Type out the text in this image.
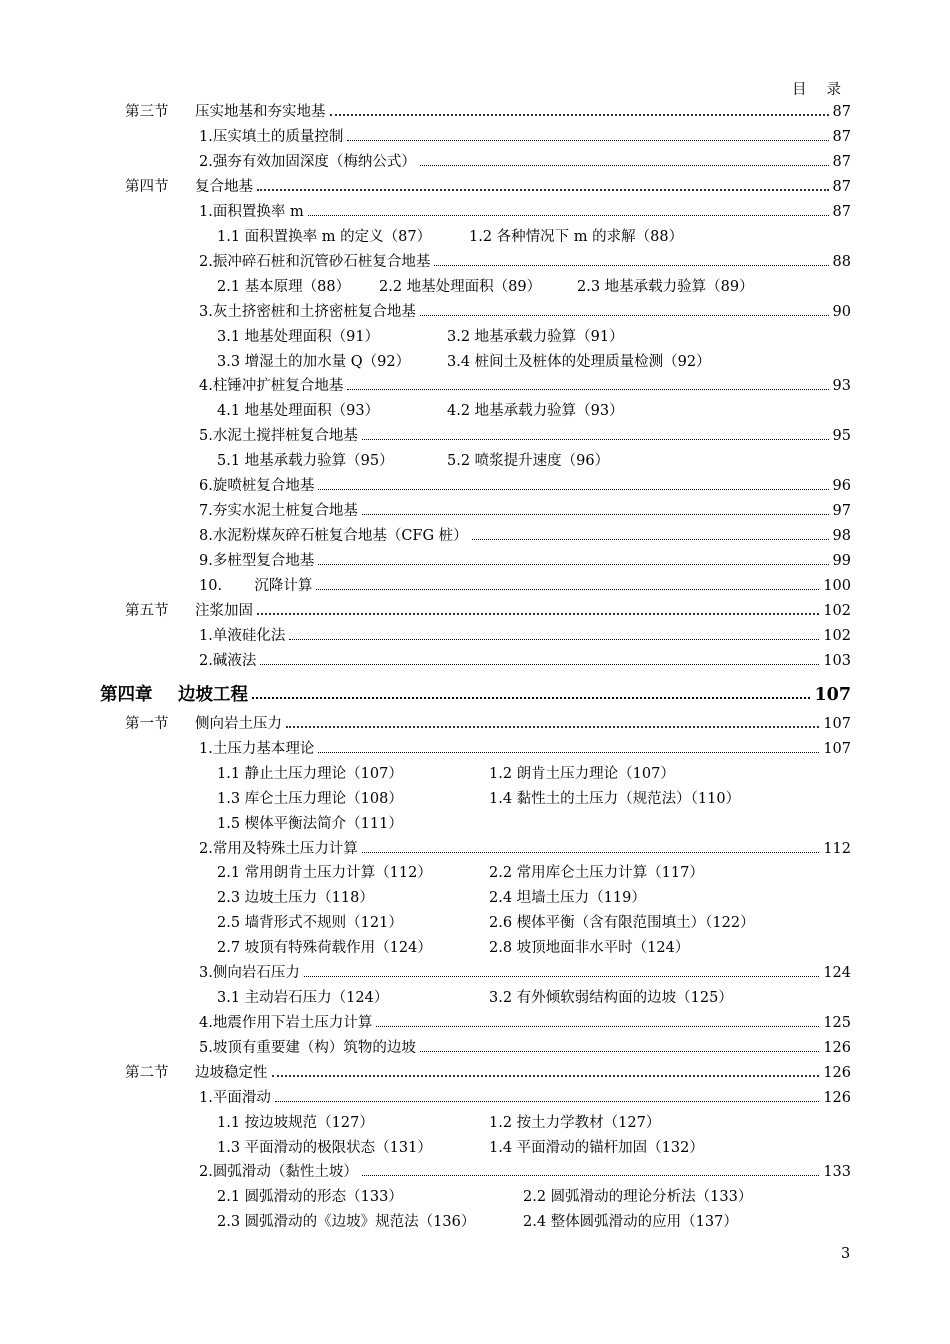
目录
第三节	压实地基和夯实地基	87
1.压实填土的质量控制	87
2.强夯有效加固深度（梅纳公式）	87
第四节	复合地基	87
1.面积置换率 m	87
1.1 面积置换率 m 的定义（87）	1.2 各种情况下 m 的求解（88）
2.振冲碎石桩和沉管砂石桩复合地基	88
2.1 基本原理（88） 2.2 地基处理面积（89） 2.3 地基承载力验算（89）
3.灰土挤密桩和土挤密桩复合地基	90
3.1 地基处理面积（91）	3.2 地基承载力验算（91）
3.3 增湿土的加水量 Q（92）	3.4 桩间土及桩体的处理质量检测（92）
4.柱锤冲扩桩复合地基	93
4.1 地基处理面积（93）	4.2 地基承载力验算（93）
5.水泥土搅拌桩复合地基	95
5.1 地基承载力验算（95）	5.2 喷浆提升速度（96）
6.旋喷桩复合地基	96
7.夯实水泥土桩复合地基	97
8.水泥粉煤灰碎石桩复合地基（CFG 桩）	98
9.多桩型复合地基	99
10.       沉降计算	100
第五节	注浆加固	102
1.单液硅化法	102
2.碱液法	103
第四章	边坡工程	107
第一节	侧向岩土压力	107
1.土压力基本理论	107
1.1 静止土压力理论（107）	1.2 朗肯土压力理论（107）
1.3 库仑土压力理论（108）	1.4 黏性土的土压力（规范法）（110）
1.5 楔体平衡法简介（111）
2.常用及特殊土压力计算	112
2.1 常用朗肯土压力计算（112）	2.2 常用库仑土压力计算（117）
2.3 边坡土压力（118）	2.4 坦墙土压力（119）
2.5 墙背形式不规则（121）	2.6 楔体平衡（含有限范围填土）（122）
2.7 坡顶有特殊荷载作用（124）	2.8 坡顶地面非水平时（124）
3.侧向岩石压力	124
3.1 主动岩石压力（124）	3.2 有外倾软弱结构面的边坡（125）
4.地震作用下岩土压力计算	125
5.坡顶有重要建（构）筑物的边坡	126
第二节	边坡稳定性	126
1.平面滑动	126
1.1 按边坡规范（127）	1.2 按土力学教材（127）
1.3 平面滑动的极限状态（131）	1.4 平面滑动的锚杆加固（132）
2.圆弧滑动（黏性土坡）	133
2.1 圆弧滑动的形态（133）	2.2 圆弧滑动的理论分析法（133）
2.3 圆弧滑动的《边坡》规范法（136）	2.4 整体圆弧滑动的应用（137）
3
